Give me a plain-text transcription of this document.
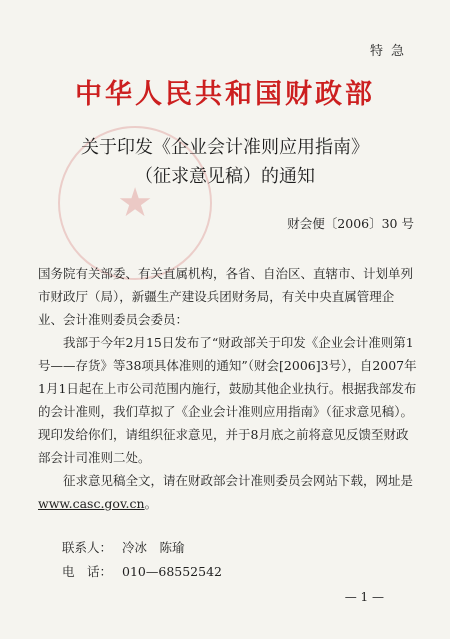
特急
★
中华人民共和国财政部
关于印发《企业会计准则应用指南》
（征求意见稿）的通知
财会便〔2006〕30 号

国务院有关部委、有关直属机构，各省、自治区、直辖市、计划单列市财政厅（局），新疆生产建设兵团财务局，有关中央直属管理企业、会计准则委员会委员：

我部于今年2月15日发布了“财政部关于印发《企业会计准则第1号——存货》等38项具体准则的通知”（财会[2006]3号），自2007年1月1日起在上市公司范围内施行，鼓励其他企业执行。根据我部发布的会计准则，我们草拟了《企业会计准则应用指南》（征求意见稿）。现印发给你们，请组织征求意见，并于8月底之前将意见反馈至财政部会计司准则二处。

征求意见稿全文，请在财政部会计准则委员会网站下载，网址是www.casc.gov.cn。

联系人： 冷冰　陈瑜
电　话： 010—68552542
— 1 —
